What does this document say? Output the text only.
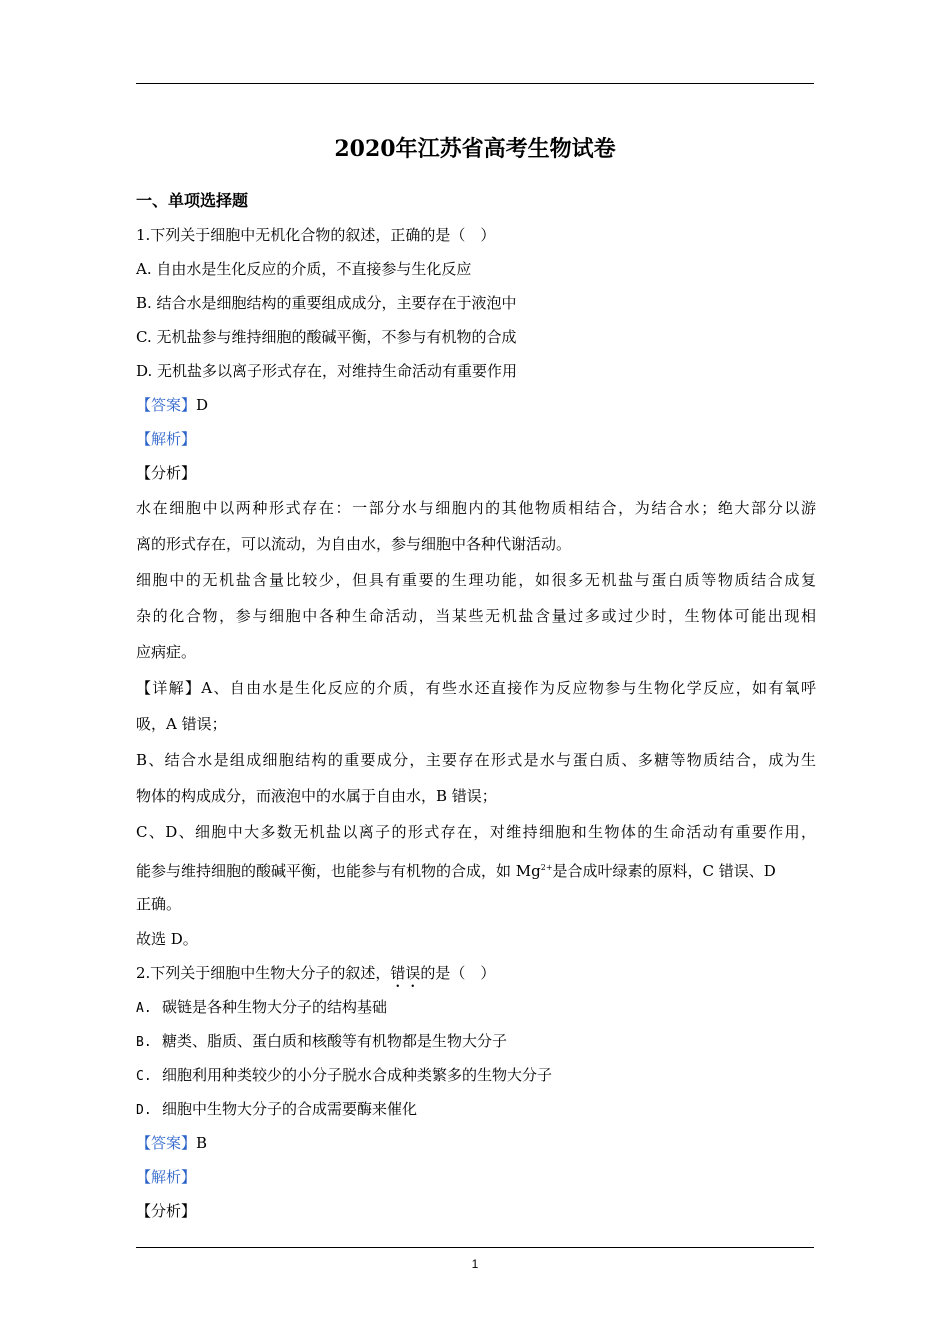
2020年江苏省高考生物试卷
一、单项选择题
1.下列关于细胞中无机化合物的叙述，正确的是（　）
A. 自由水是生化反应的介质，不直接参与生化反应
B. 结合水是细胞结构的重要组成成分，主要存在于液泡中
C. 无机盐参与维持细胞的酸碱平衡，不参与有机物的合成
D. 无机盐多以离子形式存在，对维持生命活动有重要作用
【答案】D
【解析】
【分析】
水在细胞中以两种形式存在：一部分水与细胞内的其他物质相结合，为结合水；绝大部分以游
离的形式存在，可以流动，为自由水，参与细胞中各种代谢活动。
细胞中的无机盐含量比较少，但具有重要的生理功能，如很多无机盐与蛋白质等物质结合成复
杂的化合物，参与细胞中各种生命活动，当某些无机盐含量过多或过少时，生物体可能出现相
应病症。
【详解】A、自由水是生化反应的介质，有些水还直接作为反应物参与生物化学反应，如有氧呼
吸，A 错误；
B、结合水是组成细胞结构的重要成分，主要存在形式是水与蛋白质、多糖等物质结合，成为生
物体的构成成分，而液泡中的水属于自由水，B 错误；
C、D、细胞中大多数无机盐以离子的形式存在，对维持细胞和生物体的生命活动有重要作用，
能参与维持细胞的酸碱平衡，也能参与有机物的合成，如 $Mg^{2+}$是合成叶绿素的原料，C 错误、D
正确。
故选 D。
2.下列关于细胞中生物大分子的叙述，错误的是（　）
A. 碳链是各种生物大分子的结构基础
B. 糖类、脂质、蛋白质和核酸等有机物都是生物大分子
C. 细胞利用种类较少的小分子脱水合成种类繁多的生物大分子
D. 细胞中生物大分子的合成需要酶来催化
【答案】B
【解析】
【分析】
1
